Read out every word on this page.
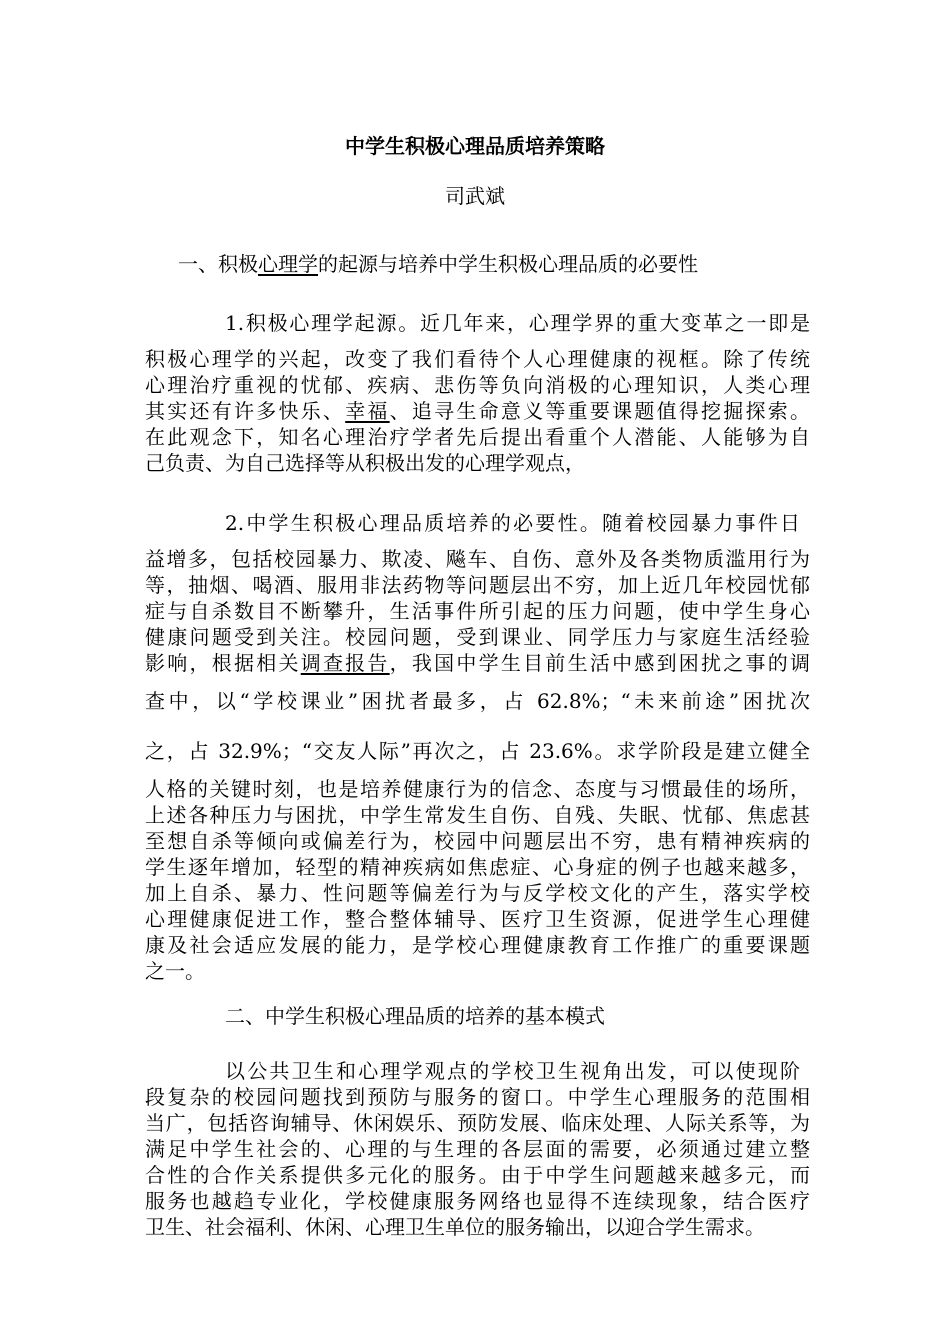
中学生积极心理品质培养策略
司武斌
一、积极心理学的起源与培养中学生积极心理品质的必要性
1.积极心理学起源。近几年来，心理学界的重大变革之一即是
积极心理学的兴起，改变了我们看待个人心理健康的视框。除了传统
心理治疗重视的忧郁、疾病、悲伤等负向消极的心理知识，人类心理
其实还有许多快乐、幸福、追寻生命意义等重要课题值得挖掘探索。
在此观念下，知名心理治疗学者先后提出看重个人潜能、人能够为自
己负责、为自己选择等从积极出发的心理学观点，
2.中学生积极心理品质培养的必要性。随着校园暴力事件日
益增多，包括校园暴力、欺凌、飚车、自伤、意外及各类物质滥用行为
等，抽烟、喝酒、服用非法药物等问题层出不穷，加上近几年校园忧郁
症与自杀数目不断攀升，生活事件所引起的压力问题，使中学生身心
健康问题受到关注。校园问题，受到课业、同学压力与家庭生活经验
影响，根据相关调查报告，我国中学生目前生活中感到困扰之事的调
查中，以“学校课业”困扰者最多，占 62.8%；“未来前途”困扰次
之，占 32.9%；“交友人际”再次之，占 23.6%。求学阶段是建立健全
人格的关键时刻，也是培养健康行为的信念、态度与习惯最佳的场所，
上述各种压力与困扰，中学生常发生自伤、自残、失眠、忧郁、焦虑甚
至想自杀等倾向或偏差行为，校园中问题层出不穷，患有精神疾病的
学生逐年增加，轻型的精神疾病如焦虑症、心身症的例子也越来越多，
加上自杀、暴力、性问题等偏差行为与反学校文化的产生，落实学校
心理健康促进工作，整合整体辅导、医疗卫生资源，促进学生心理健
康及社会适应发展的能力，是学校心理健康教育工作推广的重要课题
之一。
二、中学生积极心理品质的培养的基本模式
以公共卫生和心理学观点的学校卫生视角出发，可以使现阶
段复杂的校园问题找到预防与服务的窗口。中学生心理服务的范围相
当广，包括咨询辅导、休闲娱乐、预防发展、临床处理、人际关系等，为
满足中学生社会的、心理的与生理的各层面的需要，必须通过建立整
合性的合作关系提供多元化的服务。由于中学生问题越来越多元，而
服务也越趋专业化，学校健康服务网络也显得不连续现象，结合医疗
卫生、社会福利、休闲、心理卫生单位的服务输出，以迎合学生需求。
